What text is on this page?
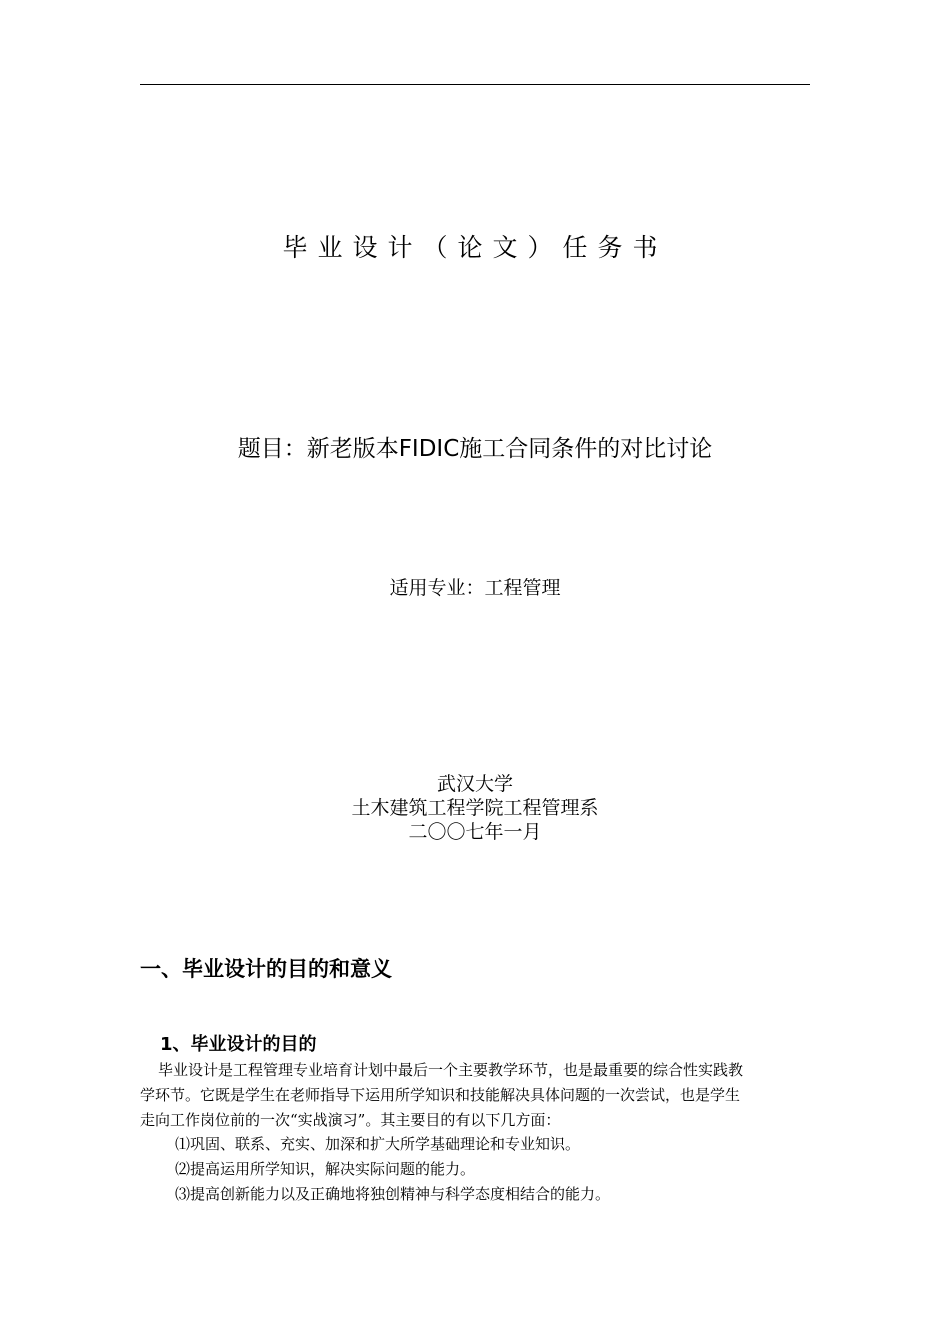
毕业设计（论文）任务书
题目：新老版本FIDIC施工合同条件的对比讨论
适用专业：工程管理
武汉大学
土木建筑工程学院工程管理系
二〇〇七年一月
一、毕业设计的目的和意义
1、毕业设计的目的
毕业设计是工程管理专业培育计划中最后一个主要教学环节，也是最重要的综合性实践教
学环节。它既是学生在老师指导下运用所学知识和技能解决具体问题的一次尝试，也是学生
走向工作岗位前的一次“实战演习”。其主要目的有以下几方面：
⑴巩固、联系、充实、加深和扩大所学基础理论和专业知识。
⑵提高运用所学知识，解决实际问题的能力。
⑶提高创新能力以及正确地将独创精神与科学态度相结合的能力。
